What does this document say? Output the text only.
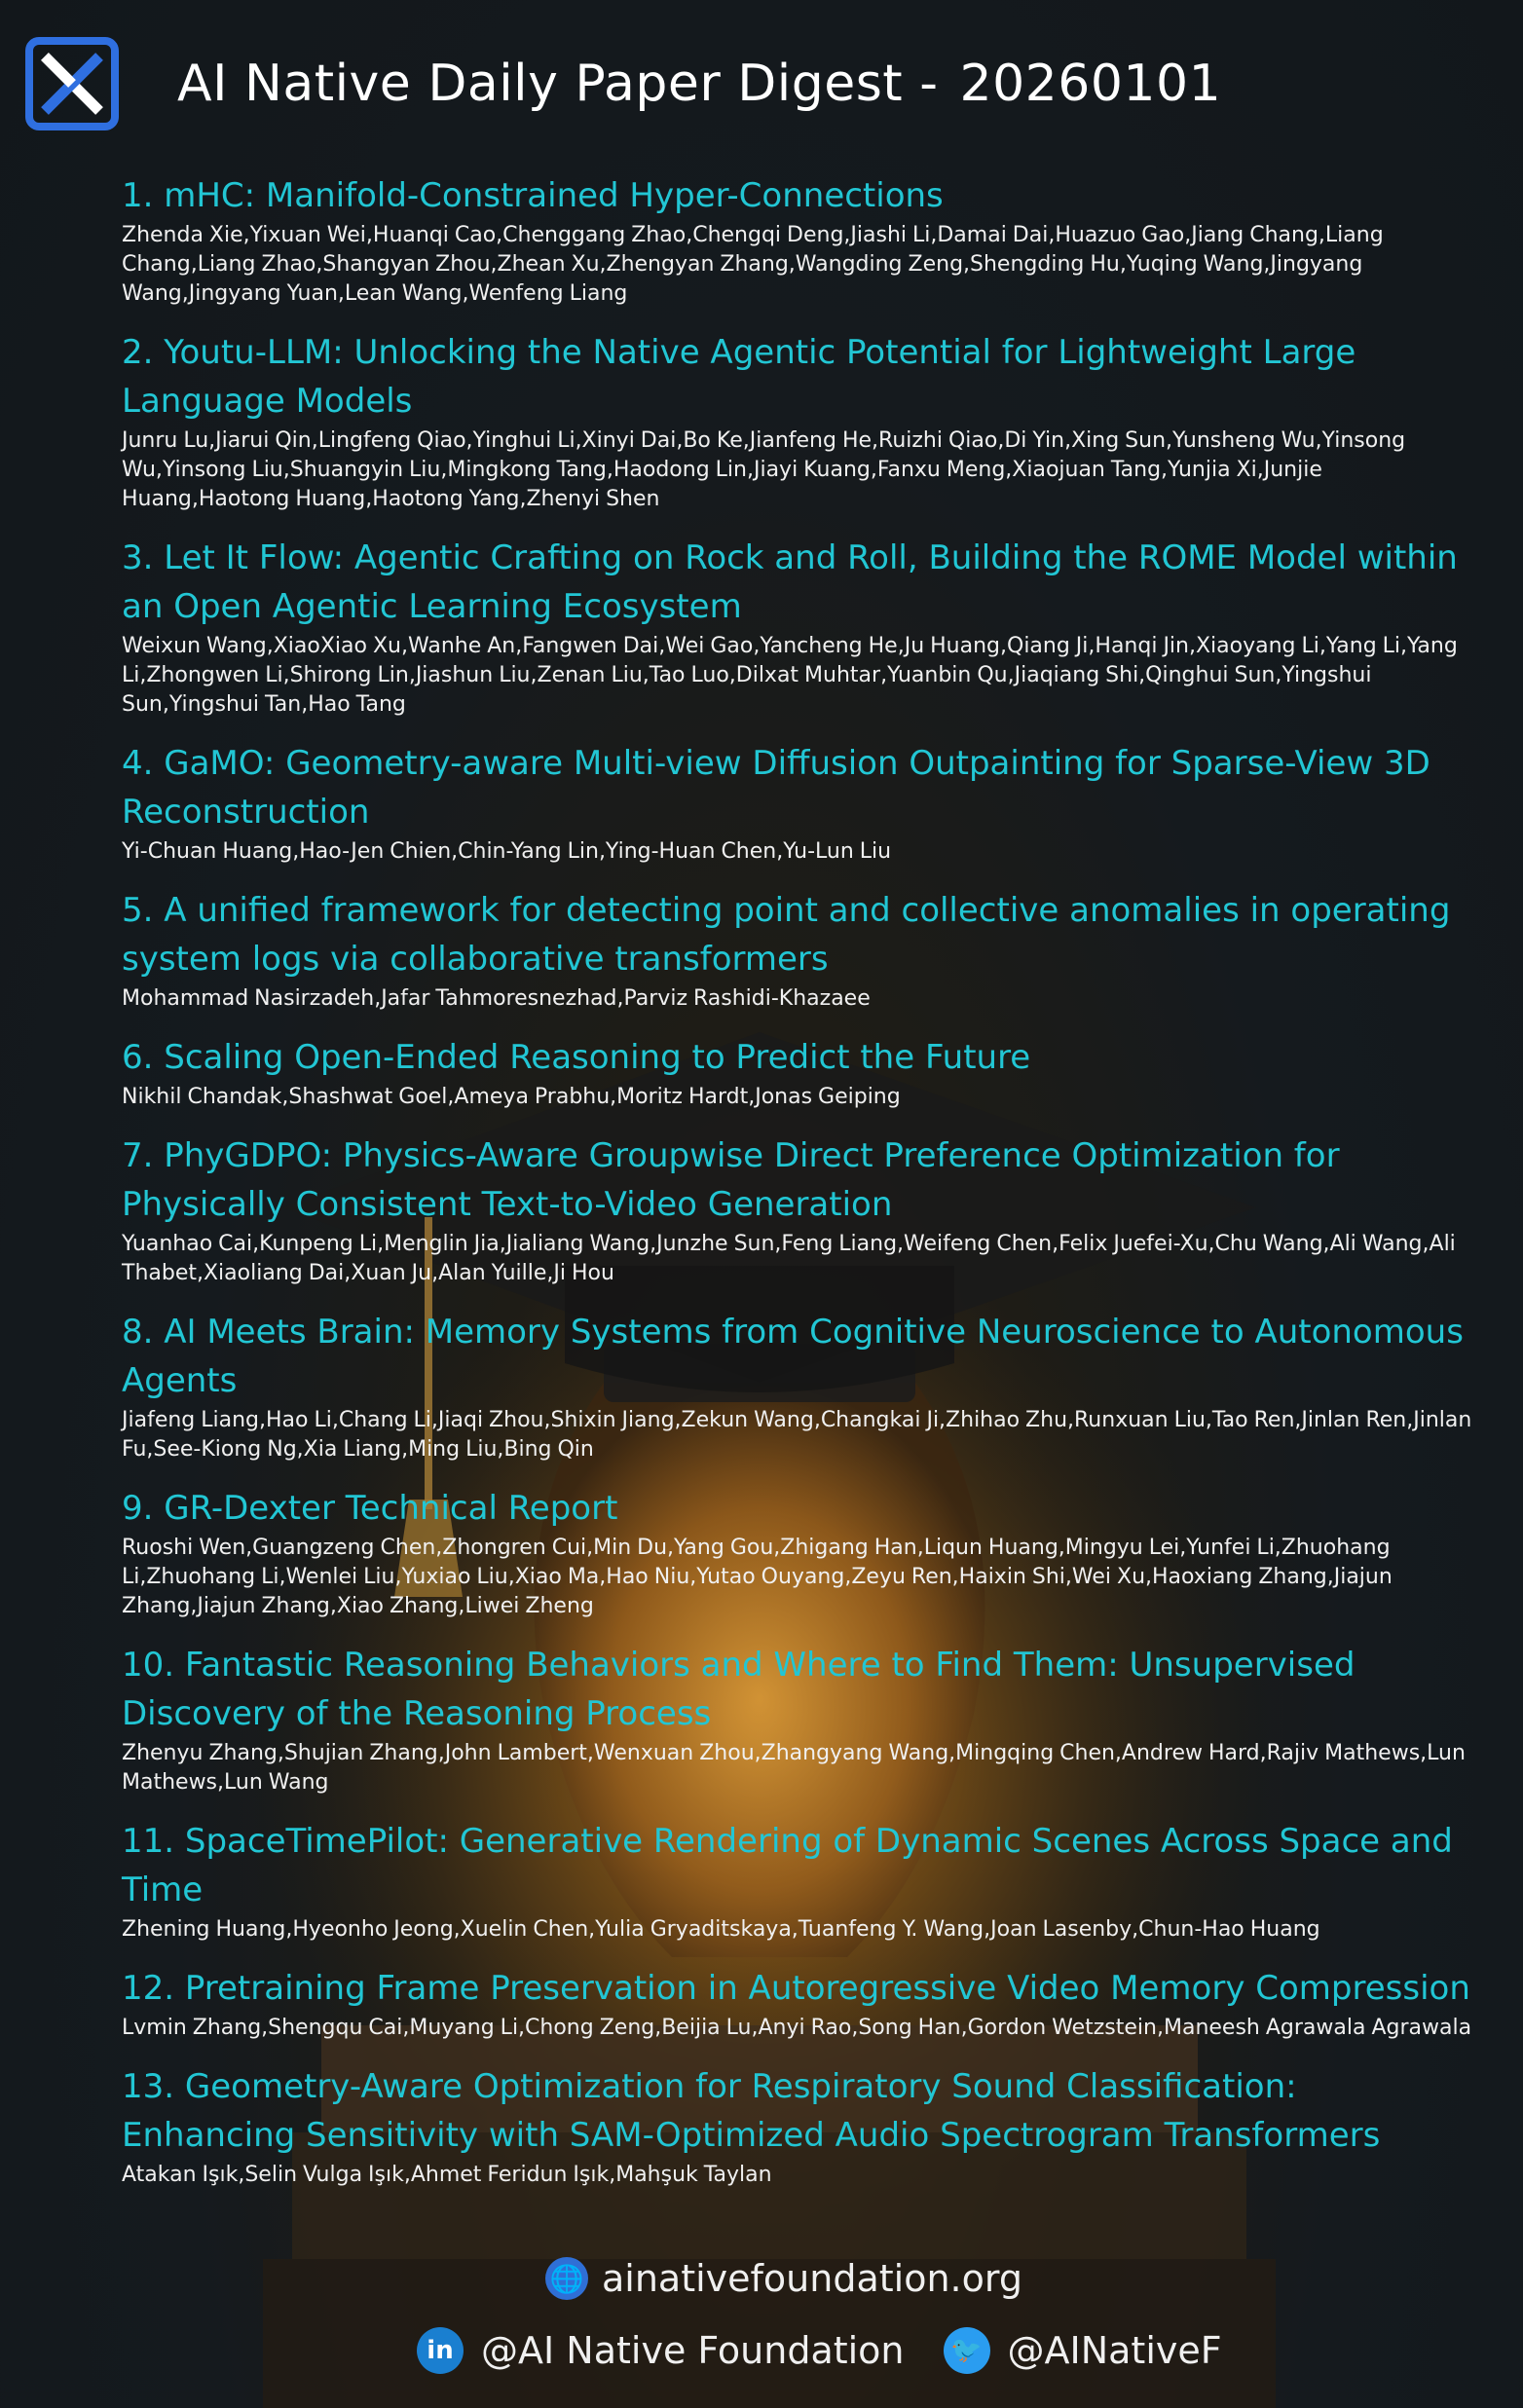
AI Native Daily Paper Digest - 20260101
1. mHC: Manifold-Constrained Hyper-Connections
Zhenda Xie,Yixuan Wei,Huanqi Cao,Chenggang Zhao,Chengqi Deng,Jiashi Li,Damai Dai,Huazuo Gao,Jiang Chang,Liang Chang,Liang Zhao,Shangyan Zhou,Zhean Xu,Zhengyan Zhang,Wangding Zeng,Shengding Hu,Yuqing Wang,Jingyang Wang,Jingyang Yuan,Lean Wang,Wenfeng Liang
2. Youtu-LLM: Unlocking the Native Agentic Potential for Lightweight Large Language Models
Junru Lu,Jiarui Qin,Lingfeng Qiao,Yinghui Li,Xinyi Dai,Bo Ke,Jianfeng He,Ruizhi Qiao,Di Yin,Xing Sun,Yunsheng Wu,Yinsong Wu,Yinsong Liu,Shuangyin Liu,Mingkong Tang,Haodong Lin,Jiayi Kuang,Fanxu Meng,Xiaojuan Tang,Yunjia Xi,Junjie Huang,Haotong Huang,Haotong Yang,Zhenyi Shen
3. Let It Flow: Agentic Crafting on Rock and Roll, Building the ROME Model within an Open Agentic Learning Ecosystem
Weixun Wang,XiaoXiao Xu,Wanhe An,Fangwen Dai,Wei Gao,Yancheng He,Ju Huang,Qiang Ji,Hanqi Jin,Xiaoyang Li,Yang Li,Yang Li,Zhongwen Li,Shirong Lin,Jiashun Liu,Zenan Liu,Tao Luo,Dilxat Muhtar,Yuanbin Qu,Jiaqiang Shi,Qinghui Sun,Yingshui Sun,Yingshui Tan,Hao Tang
4. GaMO: Geometry-aware Multi-view Diffusion Outpainting for Sparse-View 3D Reconstruction
Yi-Chuan Huang,Hao-Jen Chien,Chin-Yang Lin,Ying-Huan Chen,Yu-Lun Liu
5. A unified framework for detecting point and collective anomalies in operating system logs via collaborative transformers
Mohammad Nasirzadeh,Jafar Tahmoresnezhad,Parviz Rashidi-Khazaee
6. Scaling Open-Ended Reasoning to Predict the Future
Nikhil Chandak,Shashwat Goel,Ameya Prabhu,Moritz Hardt,Jonas Geiping
7. PhyGDPO: Physics-Aware Groupwise Direct Preference Optimization for Physically Consistent Text-to-Video Generation
Yuanhao Cai,Kunpeng Li,Menglin Jia,Jialiang Wang,Junzhe Sun,Feng Liang,Weifeng Chen,Felix Juefei-Xu,Chu Wang,Ali Wang,Ali Thabet,Xiaoliang Dai,Xuan Ju,Alan Yuille,Ji Hou
8. AI Meets Brain: Memory Systems from Cognitive Neuroscience to Autonomous Agents
Jiafeng Liang,Hao Li,Chang Li,Jiaqi Zhou,Shixin Jiang,Zekun Wang,Changkai Ji,Zhihao Zhu,Runxuan Liu,Tao Ren,Jinlan Ren,Jinlan Fu,See-Kiong Ng,Xia Liang,Ming Liu,Bing Qin
9. GR-Dexter Technical Report
Ruoshi Wen,Guangzeng Chen,Zhongren Cui,Min Du,Yang Gou,Zhigang Han,Liqun Huang,Mingyu Lei,Yunfei Li,Zhuohang Li,Zhuohang Li,Wenlei Liu,Yuxiao Liu,Xiao Ma,Hao Niu,Yutao Ouyang,Zeyu Ren,Haixin Shi,Wei Xu,Haoxiang Zhang,Jiajun Zhang,Jiajun Zhang,Xiao Zhang,Liwei Zheng
10. Fantastic Reasoning Behaviors and Where to Find Them: Unsupervised Discovery of the Reasoning Process
Zhenyu Zhang,Shujian Zhang,John Lambert,Wenxuan Zhou,Zhangyang Wang,Mingqing Chen,Andrew Hard,Rajiv Mathews,Lun Mathews,Lun Wang
11. SpaceTimePilot: Generative Rendering of Dynamic Scenes Across Space and Time
Zhening Huang,Hyeonho Jeong,Xuelin Chen,Yulia Gryaditskaya,Tuanfeng Y. Wang,Joan Lasenby,Chun-Hao Huang
12. Pretraining Frame Preservation in Autoregressive Video Memory Compression
Lvmin Zhang,Shengqu Cai,Muyang Li,Chong Zeng,Beijia Lu,Anyi Rao,Song Han,Gordon Wetzstein,Maneesh Agrawala Agrawala
13. Geometry-Aware Optimization for Respiratory Sound Classification: Enhancing Sensitivity with SAM-Optimized Audio Spectrogram Transformers
Atakan Işık,Selin Vulga Işık,Ahmet Feridun Işık,Mahşuk Taylan
🌐 ainativefoundation.org
in @AI Native Foundation	🐦 @AINativeF
